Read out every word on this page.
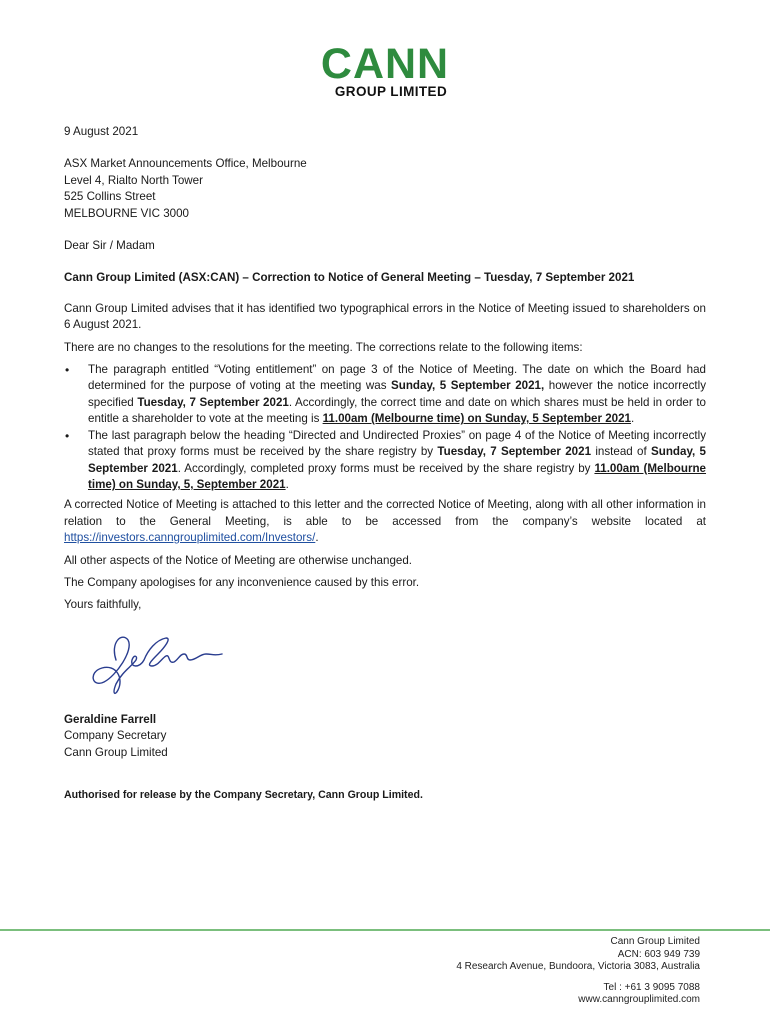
CANN
GROUP LIMITED

9 August 2021

ASX Market Announcements Office, Melbourne

Level 4, Rialto North Tower

525 Collins Street

MELBOURNE VIC 3000

Dear Sir / Madam

Cann Group Limited (ASX:CAN) – Correction to Notice of General Meeting – Tuesday, 7 September 2021

Cann Group Limited advises that it has identified two typographical errors in the Notice of Meeting issued to shareholders on 6 August 2021.

There are no changes to the resolutions for the meeting. The corrections relate to the following items:

• The paragraph entitled “Voting entitlement” on page 3 of the Notice of Meeting. The date on which the Board had determined for the purpose of voting at the meeting was Sunday, 5 September 2021, however the notice incorrectly specified Tuesday, 7 September 2021. Accordingly, the correct time and date on which shares must be held in order to entitle a shareholder to vote at the meeting is 11.00am (Melbourne time) on Sunday, 5 September 2021.
• The last paragraph below the heading “Directed and Undirected Proxies” on page 4 of the Notice of Meeting incorrectly stated that proxy forms must be received by the share registry by Tuesday, 7 September 2021 instead of Sunday, 5 September 2021. Accordingly, completed proxy forms must be received by the share registry by 11.00am (Melbourne time) on Sunday, 5, September 2021.

A corrected Notice of Meeting is attached to this letter and the corrected Notice of Meeting, along with all other information in relation to the General Meeting, is able to be accessed from the company’s website located at https://investors.canngrouplimited.com/Investors/.

All other aspects of the Notice of Meeting are otherwise unchanged.

The Company apologises for any inconvenience caused by this error.

Yours faithfully,

Geraldine Farrell

Company Secretary

Cann Group Limited

Authorised for release by the Company Secretary, Cann Group Limited.

Cann Group Limited
ACN: 603 949 739
4 Research Avenue, Bundoora, Victoria 3083, Australia
Tel : +61 3 9095 7088
www.canngrouplimited.com
